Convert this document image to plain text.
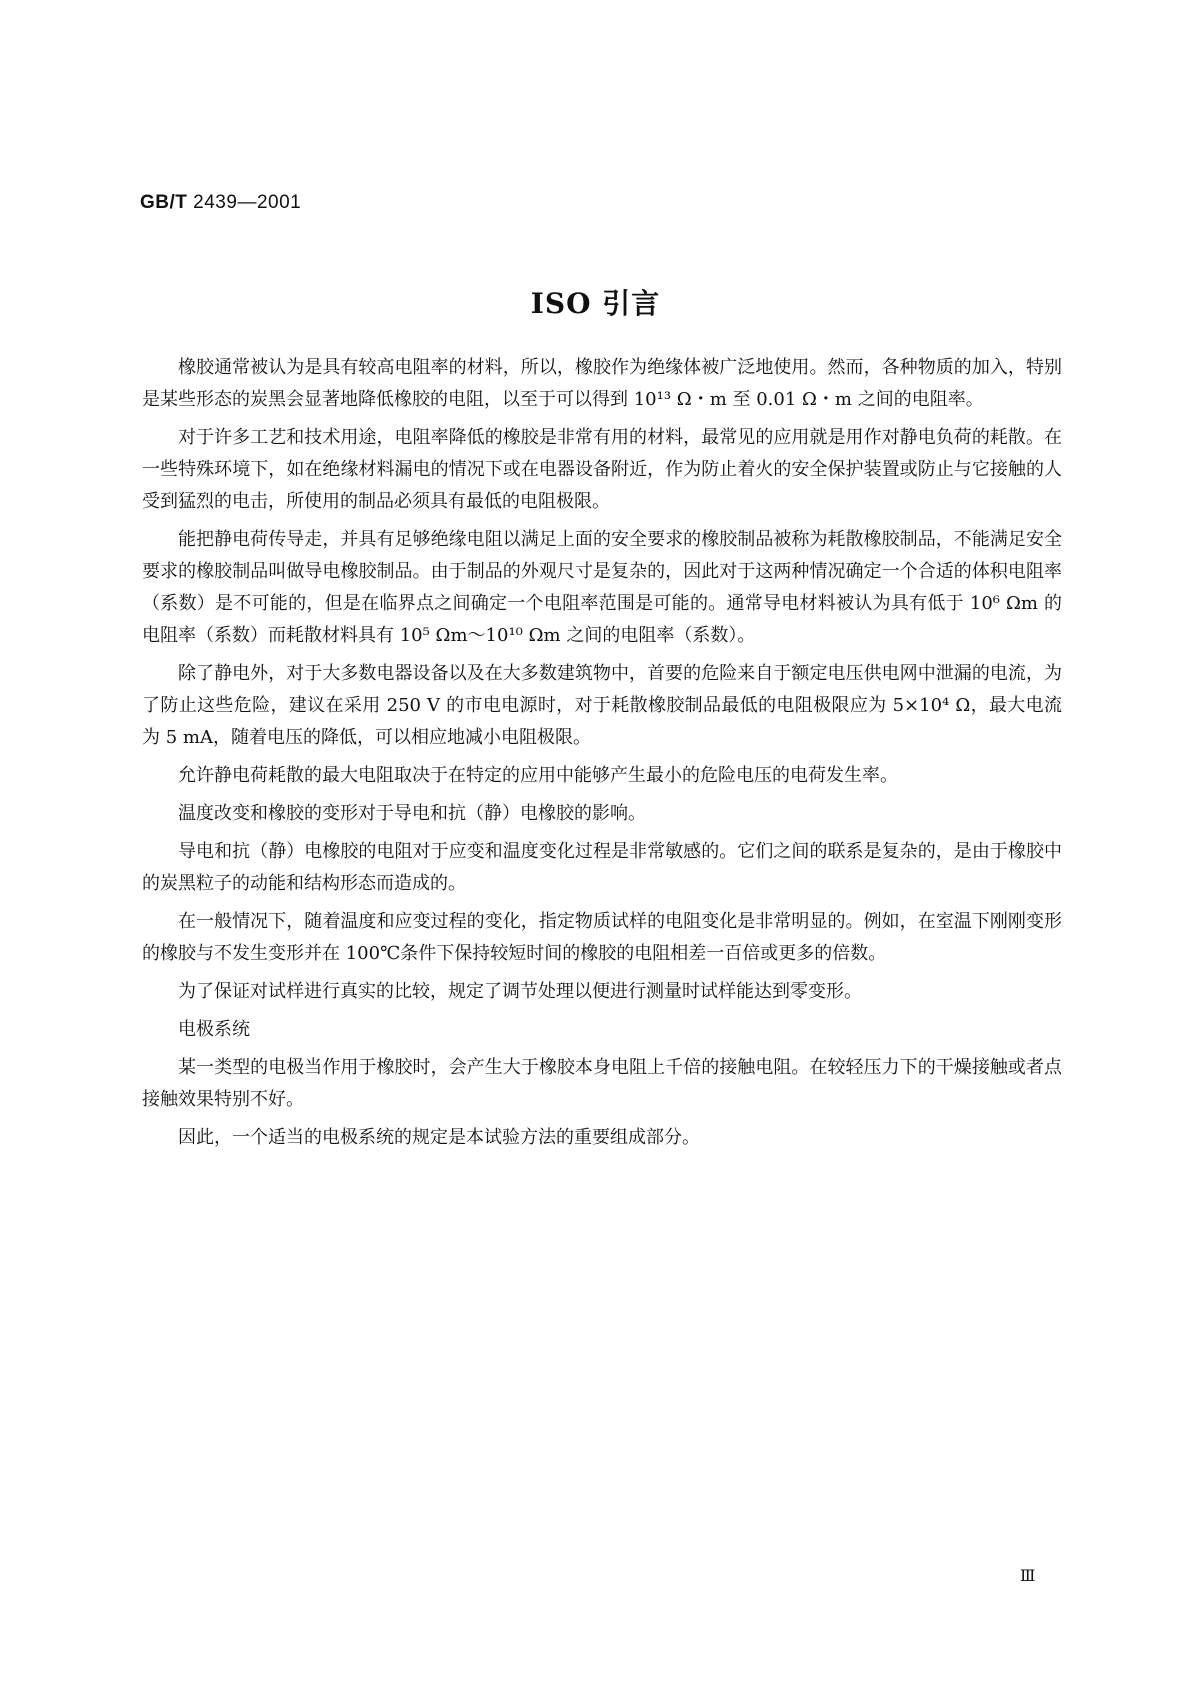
GB/T 2439—2001
ISO 引言

橡胶通常被认为是具有较高电阻率的材料，所以，橡胶作为绝缘体被广泛地使用。然而，各种物质的加入，特别是某些形态的炭黑会显著地降低橡胶的电阻，以至于可以得到 10¹³ Ω・m 至 0.01 Ω・m 之间的电阻率。

对于许多工艺和技术用途，电阻率降低的橡胶是非常有用的材料，最常见的应用就是用作对静电负荷的耗散。在一些特殊环境下，如在绝缘材料漏电的情况下或在电器设备附近，作为防止着火的安全保护装置或防止与它接触的人受到猛烈的电击，所使用的制品必须具有最低的电阻极限。

能把静电荷传导走，并具有足够绝缘电阻以满足上面的安全要求的橡胶制品被称为耗散橡胶制品，不能满足安全要求的橡胶制品叫做导电橡胶制品。由于制品的外观尺寸是复杂的，因此对于这两种情况确定一个合适的体积电阻率（系数）是不可能的，但是在临界点之间确定一个电阻率范围是可能的。通常导电材料被认为具有低于 10⁶ Ωm 的电阻率（系数）而耗散材料具有 10⁵ Ωm～10¹⁰ Ωm 之间的电阻率（系数）。

除了静电外，对于大多数电器设备以及在大多数建筑物中，首要的危险来自于额定电压供电网中泄漏的电流，为了防止这些危险，建议在采用 250 V 的市电电源时，对于耗散橡胶制品最低的电阻极限应为 5×10⁴ Ω，最大电流为 5 mA，随着电压的降低，可以相应地减小电阻极限。

允许静电荷耗散的最大电阻取决于在特定的应用中能够产生最小的危险电压的电荷发生率。

温度改变和橡胶的变形对于导电和抗（静）电橡胶的影响。

导电和抗（静）电橡胶的电阻对于应变和温度变化过程是非常敏感的。它们之间的联系是复杂的，是由于橡胶中的炭黑粒子的动能和结构形态而造成的。

在一般情况下，随着温度和应变过程的变化，指定物质试样的电阻变化是非常明显的。例如，在室温下刚刚变形的橡胶与不发生变形并在 100℃条件下保持较短时间的橡胶的电阻相差一百倍或更多的倍数。

为了保证对试样进行真实的比较，规定了调节处理以便进行测量时试样能达到零变形。

电极系统

某一类型的电极当作用于橡胶时，会产生大于橡胶本身电阻上千倍的接触电阻。在较轻压力下的干燥接触或者点接触效果特别不好。

因此，一个适当的电极系统的规定是本试验方法的重要组成部分。

Ⅲ
